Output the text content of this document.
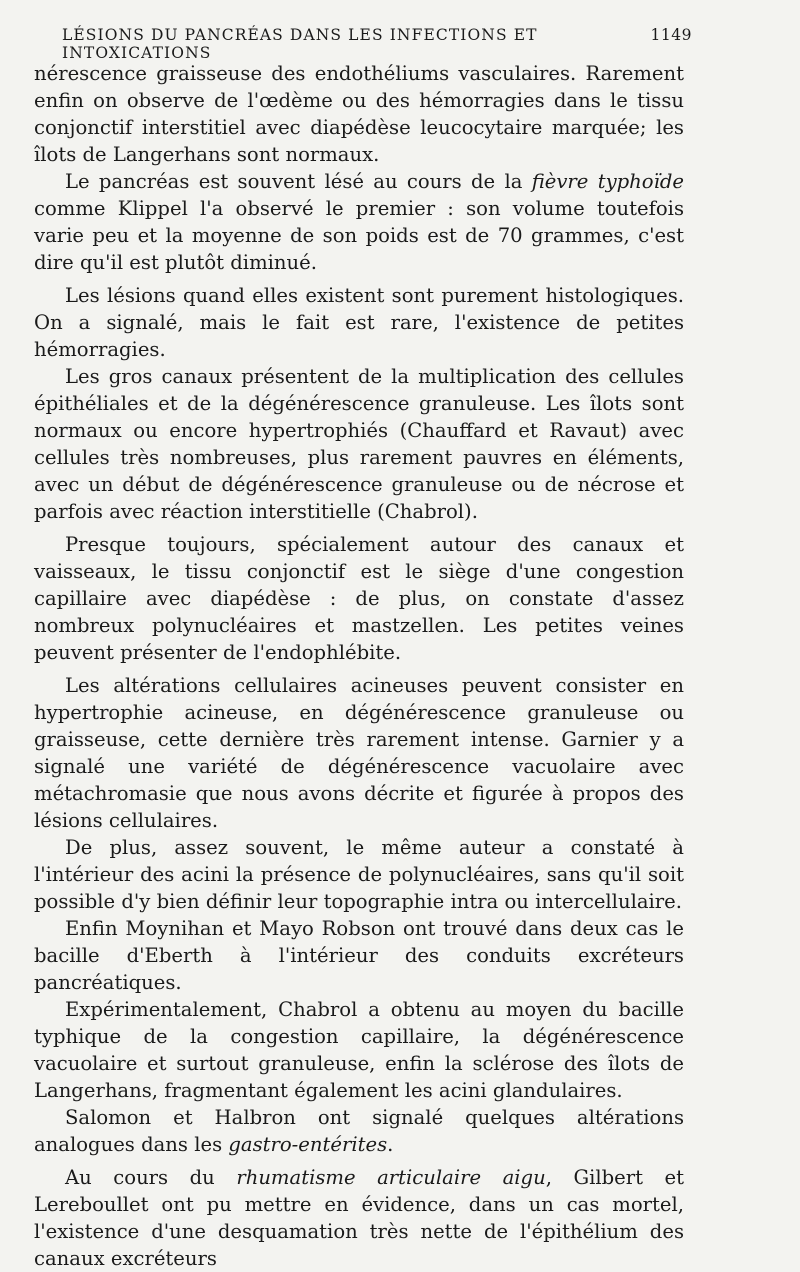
LÉSIONS DU PANCRÉAS DANS LES INFECTIONS ET INTOXICATIONS
1149

nérescence graisseuse des endothéliums vasculaires. Rarement enfin on observe de l'œdème ou des hémorragies dans le tissu conjonctif interstitiel avec diapédèse leucocytaire marquée; les îlots de Langerhans sont normaux.

Le pancréas est souvent lésé au cours de la fièvre typhoïde comme Klippel l'a observé le premier : son volume toutefois varie peu et la moyenne de son poids est de 70 grammes, c'est dire qu'il est plutôt diminué.

Les lésions quand elles existent sont purement histologiques. On a signalé, mais le fait est rare, l'existence de petites hémorragies.

Les gros canaux présentent de la multiplication des cellules épithéliales et de la dégénérescence granuleuse. Les îlots sont normaux ou encore hypertrophiés (Chauffard et Ravaut) avec cellules très nombreuses, plus rarement pauvres en éléments, avec un début de dégénérescence granuleuse ou de nécrose et parfois avec réaction interstitielle (Chabrol).

Presque toujours, spécialement autour des canaux et vaisseaux, le tissu conjonctif est le siège d'une congestion capillaire avec diapédèse : de plus, on constate d'assez nombreux polynucléaires et mastzellen. Les petites veines peuvent présenter de l'endophlébite.

Les altérations cellulaires acineuses peuvent consister en hypertrophie acineuse, en dégénérescence granuleuse ou graisseuse, cette dernière très rarement intense. Garnier y a signalé une variété de dégénérescence vacuolaire avec métachromasie que nous avons décrite et figurée à propos des lésions cellulaires.

De plus, assez souvent, le même auteur a constaté à l'intérieur des acini la présence de polynucléaires, sans qu'il soit possible d'y bien définir leur topographie intra ou intercellulaire.

Enfin Moynihan et Mayo Robson ont trouvé dans deux cas le bacille d'Eberth à l'intérieur des conduits excréteurs pancréatiques.

Expérimentalement, Chabrol a obtenu au moyen du bacille typhique de la congestion capillaire, la dégénérescence vacuolaire et surtout granuleuse, enfin la sclérose des îlots de Langerhans, fragmentant également les acini glandulaires.

Salomon et Halbron ont signalé quelques altérations analogues dans les gastro-entérites.

Au cours du rhumatisme articulaire aigu, Gilbert et Lereboullet ont pu mettre en évidence, dans un cas mortel, l'existence d'une desquamation très nette de l'épithélium des canaux excréteurs
